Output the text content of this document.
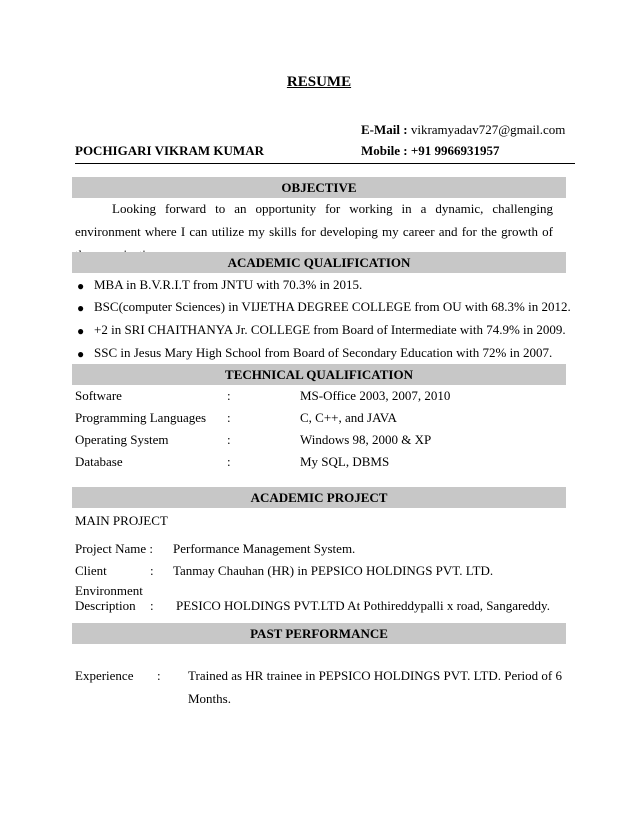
RESUME
E-Mail : vikramyadav727@gmail.com
POCHIGARI VIKRAM KUMAR	Mobile : +91 9966931957
OBJECTIVE

Looking forward to an opportunity for working in a dynamic, challenging environment where I can utilize my skills for developing my career and for the growth of

ACADEMIC QUALIFICATION
● MBA in B.V.R.I.T from JNTU with 70.3% in 2015.
● BSC(computer Sciences) in VIJETHA DEGREE COLLEGE from OU with 68.3% in 2012.
● +2 in SRI CHAITHANYA Jr. COLLEGE from Board of Intermediate with 74.9% in 2009.
● SSC in Jesus Mary High School from Board of Secondary Education with 72% in 2007.
TECHNICAL QUALIFICATION
Software	:	MS-Office 2003, 2007, 2010
Programming Languages :	C, C++, and JAVA
Operating System	:	Windows 98, 2000 & XP
Database	:	My SQL, DBMS
ACADEMIC PROJECT
MAIN PROJECT
Project Name : Performance Management System.
Client	: Tanmay Chauhan (HR) in PEPSICO HOLDINGS PVT. LTD.
Environment
Description : PESICO HOLDINGS PVT.LTD At Pothireddypalli x road, Sangareddy.
PAST PERFORMANCE
Experience : Trained as HR trainee in PEPSICO HOLDINGS PVT. LTD. Period of 6
Months.
